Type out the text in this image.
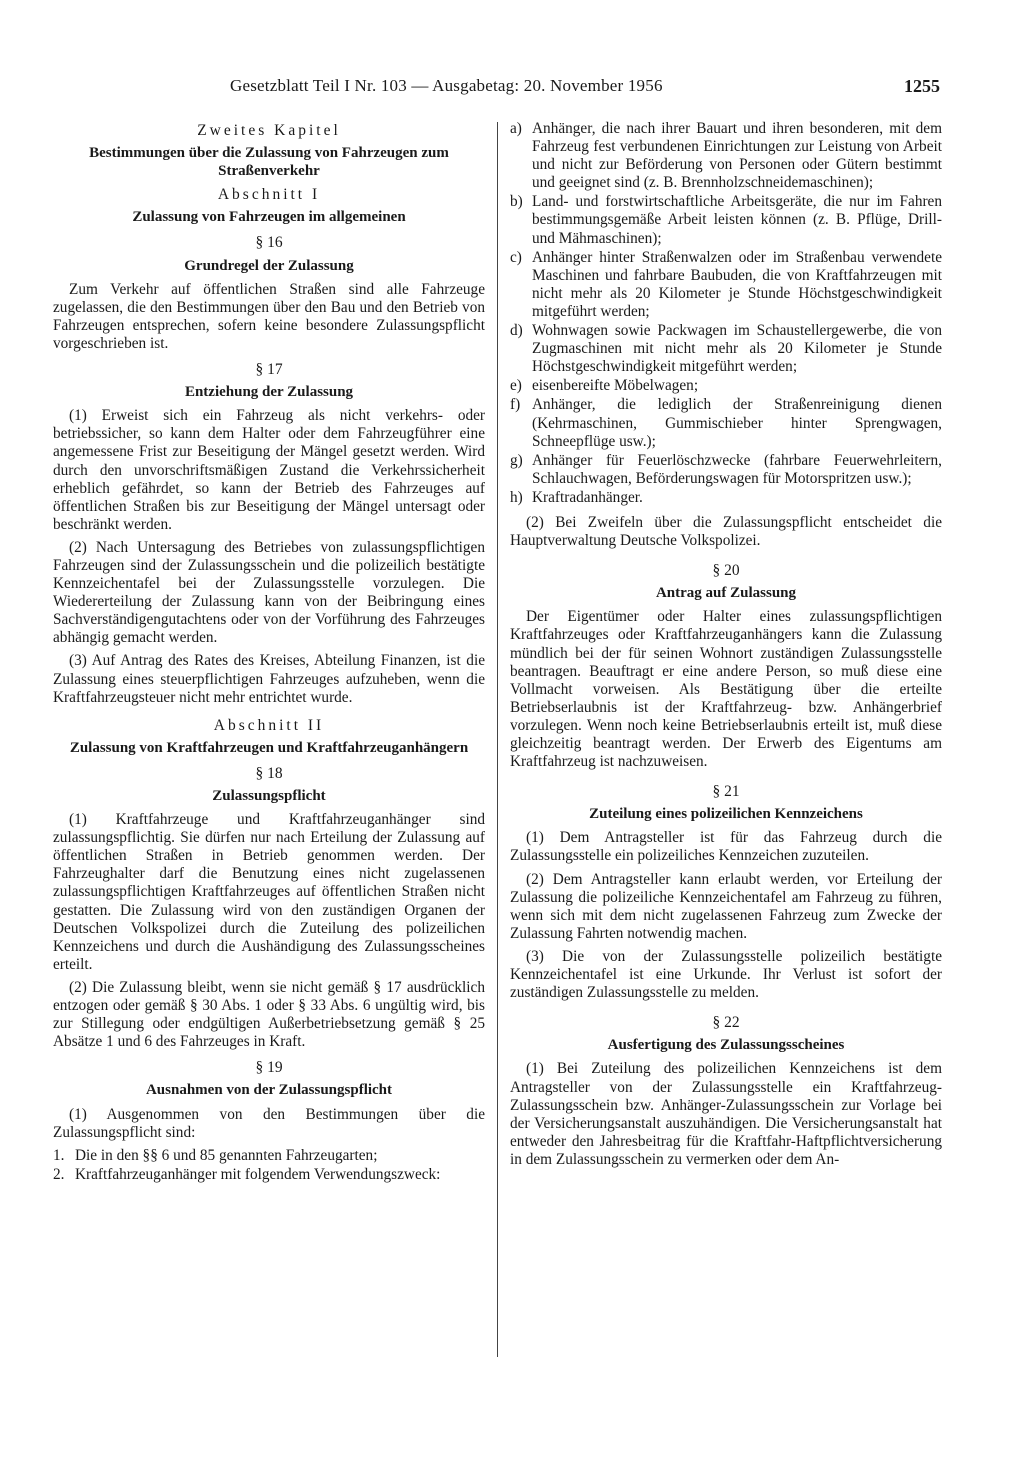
Gesetzblatt Teil I Nr. 103 — Ausgabetag: 20. November 1956	1255
Zweites Kapitel
Bestimmungen über die Zulassung von Fahrzeugen zum Straßenverkehr
Abschnitt I
Zulassung von Fahrzeugen im allgemeinen
§ 16
Grundregel der Zulassung

Zum Verkehr auf öffentlichen Straßen sind alle Fahrzeuge zugelassen, die den Bestimmungen über den Bau und den Betrieb von Fahrzeugen entsprechen, sofern keine besondere Zulassungspflicht vorgeschrieben ist.

§ 17
Entziehung der Zulassung

(1) Erweist sich ein Fahrzeug als nicht verkehrs- oder betriebssicher, so kann dem Halter oder dem Fahrzeugführer eine angemessene Frist zur Beseitigung der Mängel gesetzt werden. Wird durch den unvorschriftsmäßigen Zustand die Verkehrssicherheit erheblich gefährdet, so kann der Betrieb des Fahrzeuges auf öffentlichen Straßen bis zur Beseitigung der Mängel untersagt oder beschränkt werden.

(2) Nach Untersagung des Betriebes von zulassungspflichtigen Fahrzeugen sind der Zulassungsschein und die polizeilich bestätigte Kennzeichentafel bei der Zulassungsstelle vorzulegen. Die Wiedererteilung der Zulassung kann von der Beibringung eines Sachverständigengutachtens oder von der Vorführung des Fahrzeuges abhängig gemacht werden.

(3) Auf Antrag des Rates des Kreises, Abteilung Finanzen, ist die Zulassung eines steuerpflichtigen Fahrzeuges aufzuheben, wenn die Kraftfahrzeugsteuer nicht mehr entrichtet wurde.

Abschnitt II
Zulassung von Kraftfahrzeugen und Kraftfahrzeuganhängern
§ 18
Zulassungspflicht

(1) Kraftfahrzeuge und Kraftfahrzeuganhänger sind zulassungspflichtig. Sie dürfen nur nach Erteilung der Zulassung auf öffentlichen Straßen in Betrieb genommen werden. Der Fahrzeughalter darf die Benutzung eines nicht zugelassenen zulassungspflichtigen Kraftfahrzeuges auf öffentlichen Straßen nicht gestatten. Die Zulassung wird von den zuständigen Organen der Deutschen Volkspolizei durch die Zuteilung des polizeilichen Kennzeichens und durch die Aushändigung des Zulassungsscheines erteilt.

(2) Die Zulassung bleibt, wenn sie nicht gemäß § 17 ausdrücklich entzogen oder gemäß § 30 Abs. 1 oder § 33 Abs. 6 ungültig wird, bis zur Stillegung oder endgültigen Außerbetriebsetzung gemäß § 25 Absätze 1 und 6 des Fahrzeuges in Kraft.

§ 19
Ausnahmen von der Zulassungspflicht

(1) Ausgenommen von den Bestimmungen über die Zulassungspflicht sind:

1. Die in den §§ 6 und 85 genannten Fahrzeugarten;
2. Kraftfahrzeuganhänger mit folgendem Verwendungszweck:
a) Anhänger, die nach ihrer Bauart und ihren besonderen, mit dem Fahrzeug fest verbundenen Einrichtungen zur Leistung von Arbeit und nicht zur Beförderung von Personen oder Gütern bestimmt und geeignet sind (z. B. Brennholzschneidemaschinen);
b) Land- und forstwirtschaftliche Arbeitsgeräte, die nur im Fahren bestimmungsgemäße Arbeit leisten können (z. B. Pflüge, Drill- und Mähmaschinen);
c) Anhänger hinter Straßenwalzen oder im Straßenbau verwendete Maschinen und fahrbare Baubuden, die von Kraftfahrzeugen mit nicht mehr als 20 Kilometer je Stunde Höchstgeschwindigkeit mitgeführt werden;
d) Wohnwagen sowie Packwagen im Schaustellergewerbe, die von Zugmaschinen mit nicht mehr als 20 Kilometer je Stunde Höchstgeschwindigkeit mitgeführt werden;
e) eisenbereifte Möbelwagen;
f) Anhänger, die lediglich der Straßenreinigung dienen (Kehrmaschinen, Gummischieber hinter Sprengwagen, Schneepflüge usw.);
g) Anhänger für Feuerlöschzwecke (fahrbare Feuerwehrleitern, Schlauchwagen, Beförderungswagen für Motorspritzen usw.);
h) Kraftradanhänger.

(2) Bei Zweifeln über die Zulassungspflicht entscheidet die Hauptverwaltung Deutsche Volkspolizei.

§ 20
Antrag auf Zulassung

Der Eigentümer oder Halter eines zulassungspflichtigen Kraftfahrzeuges oder Kraftfahrzeuganhängers kann die Zulassung mündlich bei der für seinen Wohnort zuständigen Zulassungsstelle beantragen. Beauftragt er eine andere Person, so muß diese eine Vollmacht vorweisen. Als Bestätigung über die erteilte Betriebserlaubnis ist der Kraftfahrzeug- bzw. Anhängerbrief vorzulegen. Wenn noch keine Betriebserlaubnis erteilt ist, muß diese gleichzeitig beantragt werden. Der Erwerb des Eigentums am Kraftfahrzeug ist nachzuweisen.

§ 21
Zuteilung eines polizeilichen Kennzeichens

(1) Dem Antragsteller ist für das Fahrzeug durch die Zulassungsstelle ein polizeiliches Kennzeichen zuzuteilen.

(2) Dem Antragsteller kann erlaubt werden, vor Erteilung der Zulassung die polizeiliche Kennzeichentafel am Fahrzeug zu führen, wenn sich mit dem nicht zugelassenen Fahrzeug zum Zwecke der Zulassung Fahrten notwendig machen.

(3) Die von der Zulassungsstelle polizeilich bestätigte Kennzeichentafel ist eine Urkunde. Ihr Verlust ist sofort der zuständigen Zulassungsstelle zu melden.

§ 22
Ausfertigung des Zulassungsscheines

(1) Bei Zuteilung des polizeilichen Kennzeichens ist dem Antragsteller von der Zulassungsstelle ein Kraftfahrzeug-Zulassungsschein bzw. Anhänger-Zulassungsschein zur Vorlage bei der Versicherungsanstalt auszuhändigen. Die Versicherungsanstalt hat entweder den Jahresbeitrag für die Kraftfahr-Haftpflichtversicherung in dem Zulassungsschein zu vermerken oder dem An-
